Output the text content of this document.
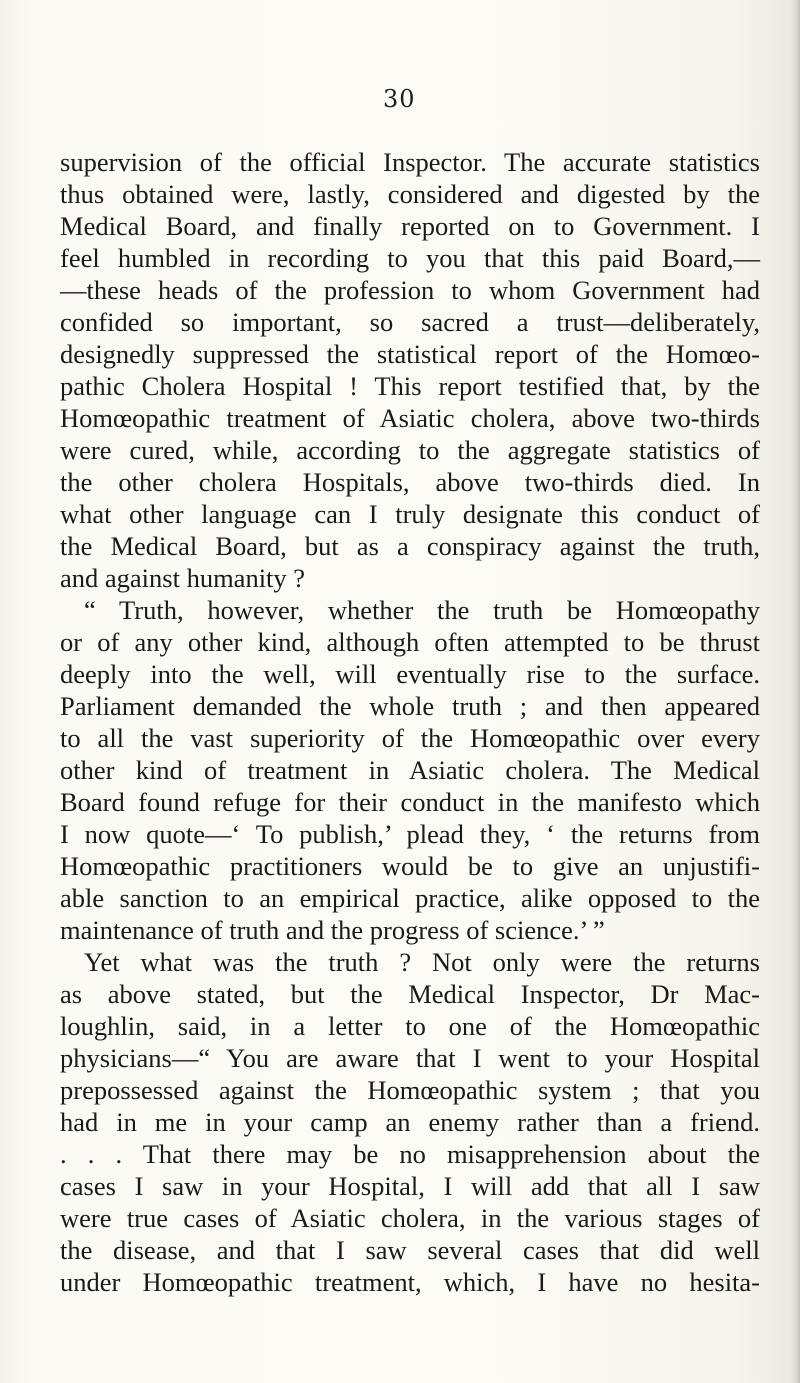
30
supervision of the official Inspector. The accurate statistics
thus obtained were, lastly, considered and digested by the
Medical Board, and finally reported on to Government. I
feel humbled in recording to you that this paid Board,—
—these heads of the profession to whom Government had
confided so important, so sacred a trust—deliberately,
designedly suppressed the statistical report of the Homœo-
pathic Cholera Hospital ! This report testified that, by the
Homœopathic treatment of Asiatic cholera, above two-thirds
were cured, while, according to the aggregate statistics of
the other cholera Hospitals, above two-thirds died. In
what other language can I truly designate this conduct of
the Medical Board, but as a conspiracy against the truth,
and against humanity ?
“ Truth, however, whether the truth be Homœopathy
or of any other kind, although often attempted to be thrust
deeply into the well, will eventually rise to the surface.
Parliament demanded the whole truth ; and then appeared
to all the vast superiority of the Homœopathic over every
other kind of treatment in Asiatic cholera. The Medical
Board found refuge for their conduct in the manifesto which
I now quote—‘ To publish,’ plead they, ‘ the returns from
Homœopathic practitioners would be to give an unjustifi-
able sanction to an empirical practice, alike opposed to the
maintenance of truth and the progress of science.’ ”
Yet what was the truth ? Not only were the returns
as above stated, but the Medical Inspector, Dr Mac-
loughlin, said, in a letter to one of the Homœopathic
physicians—“ You are aware that I went to your Hospital
prepossessed against the Homœopathic system ; that you
had in me in your camp an enemy rather than a friend.
. . . That there may be no misapprehension about the
cases I saw in your Hospital, I will add that all I saw
were true cases of Asiatic cholera, in the various stages of
the disease, and that I saw several cases that did well
under Homœopathic treatment, which, I have no hesita-
